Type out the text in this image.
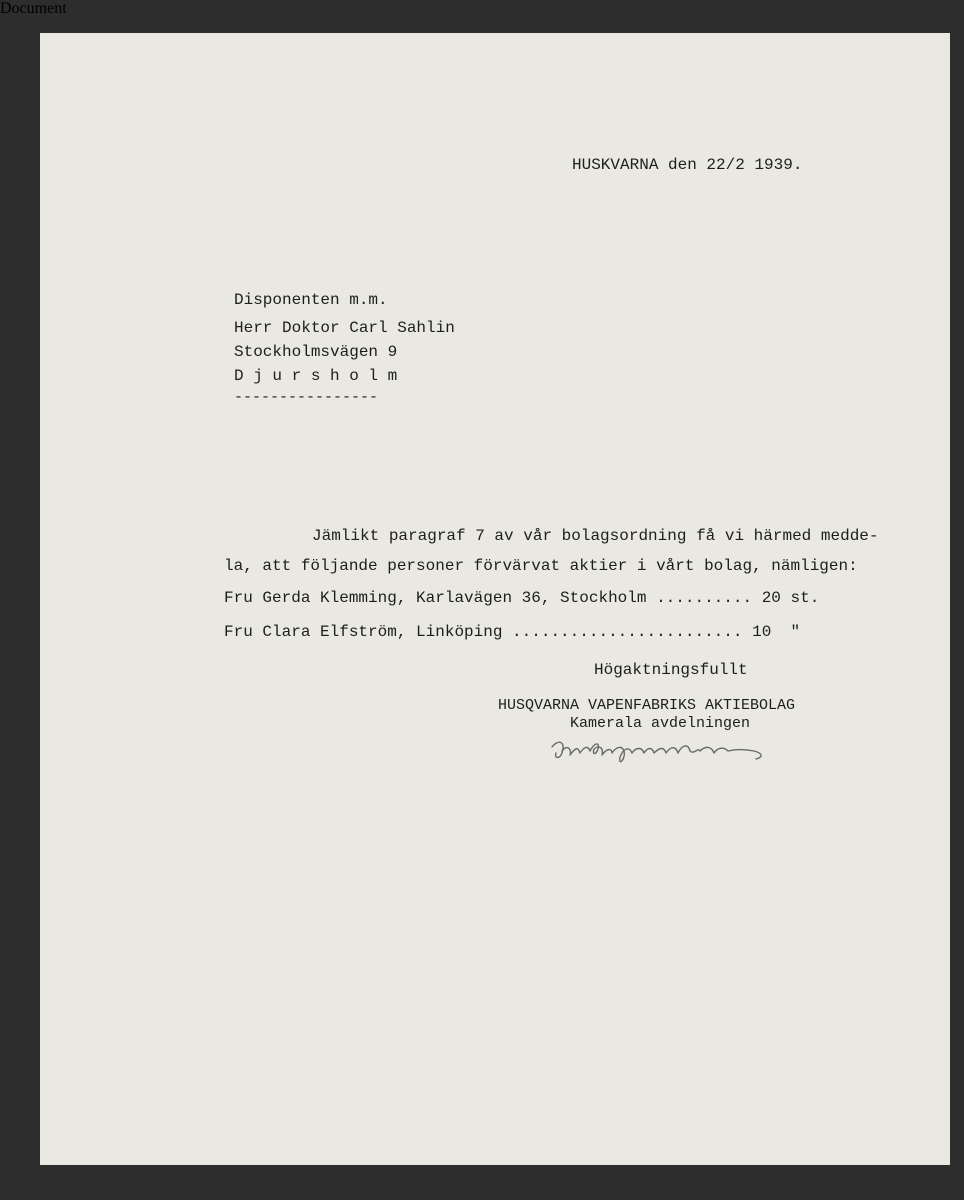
Document

HUSKVARNA den 22/2 1939.

Disponenten m.m.

Herr Doktor Carl Sahlin

Stockholmsvägen 9

D j u r s h o l m

----------------

Jämlikt paragraf 7 av vår bolagsordning få vi härmed medde-

la, att följande personer förvärvat aktier i vårt bolag, nämligen:

Fru Gerda Klemming, Karlavägen 36, Stockholm .......... 20 st.

Fru Clara Elfström, Linköping ........................ 10  "

Högaktningsfullt

HUSQVARNA VAPENFABRIKS AKTIEBOLAG

Kamerala avdelningen
